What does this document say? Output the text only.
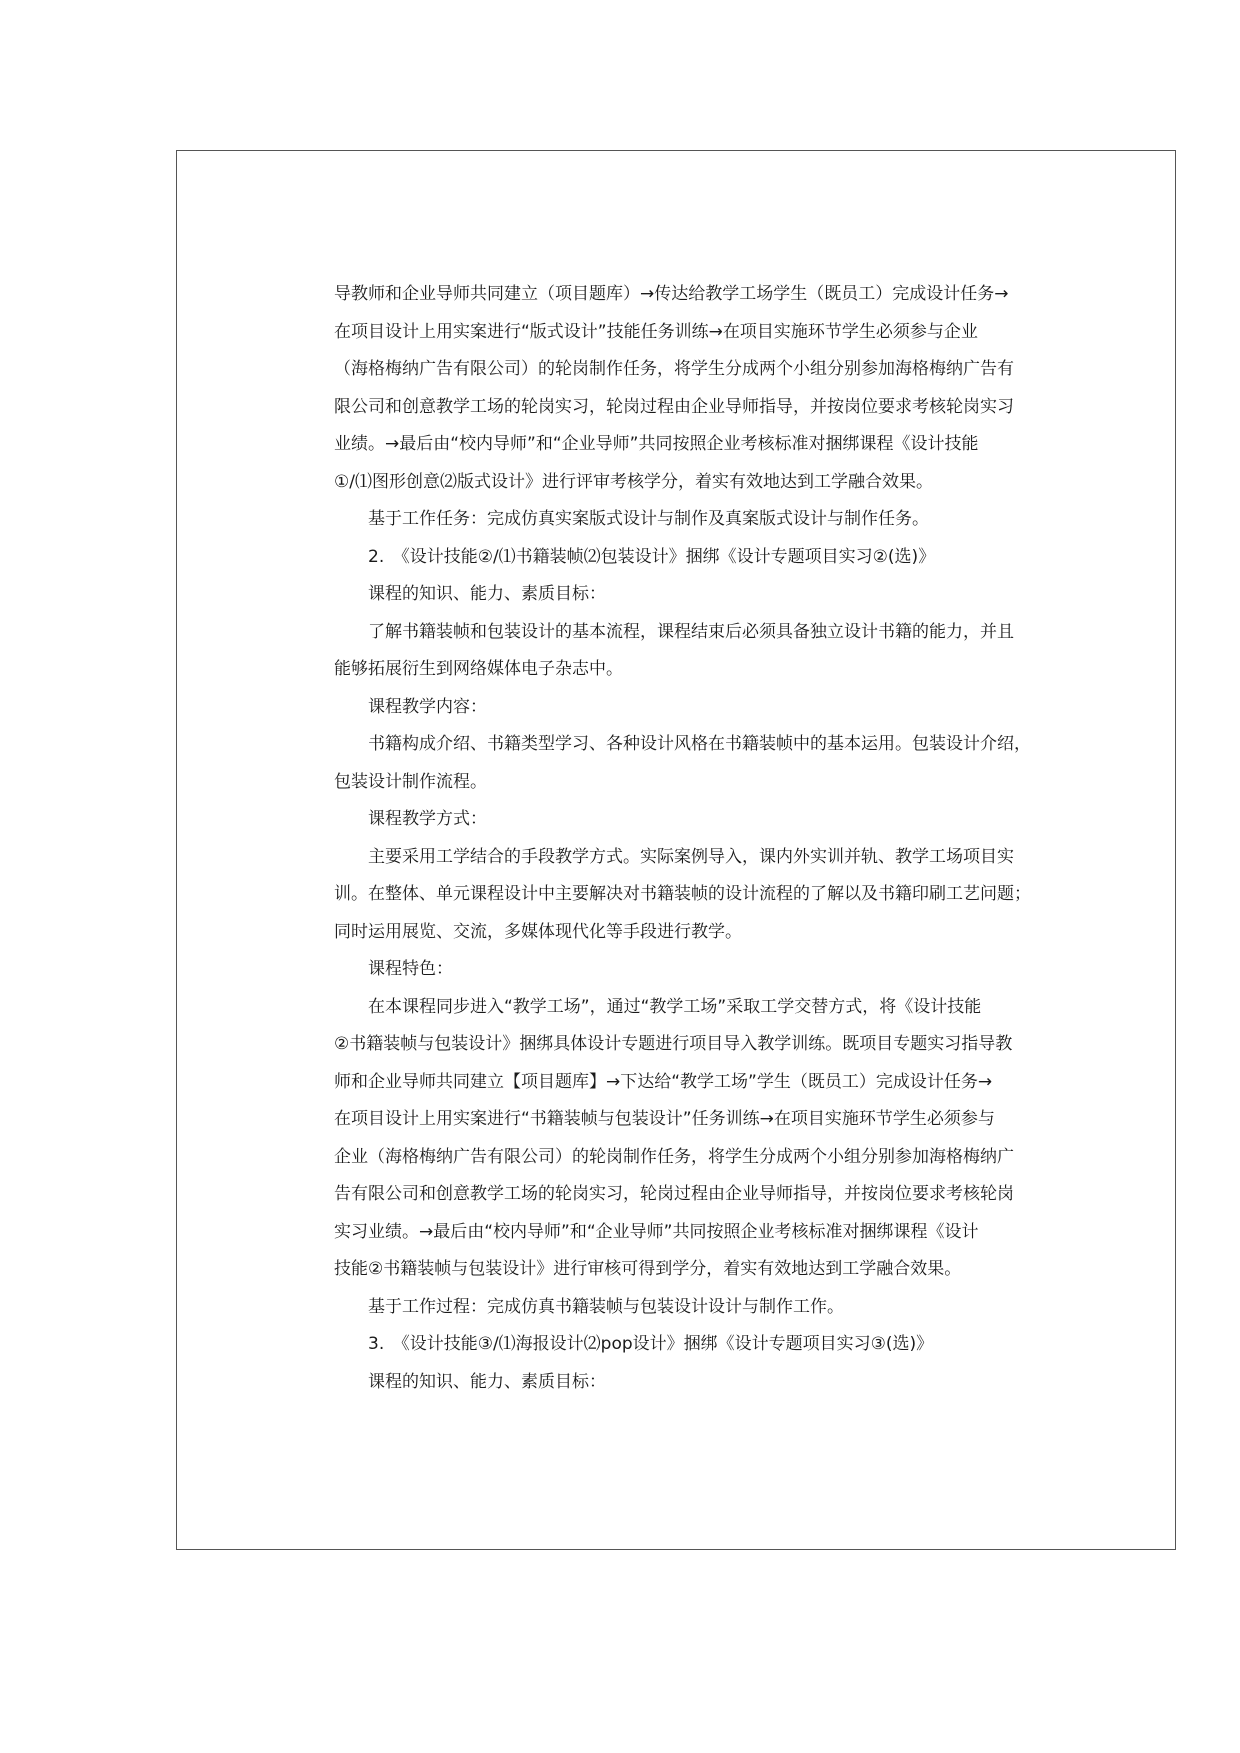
导教师和企业导师共同建立（项目题库）→传达给教学工场学生（既员工）完成设计任务→
在项目设计上用实案进行“版式设计”技能任务训练→在项目实施环节学生必须参与企业
（海格梅纳广告有限公司）的轮岗制作任务，将学生分成两个小组分别参加海格梅纳广告有
限公司和创意教学工场的轮岗实习，轮岗过程由企业导师指导，并按岗位要求考核轮岗实习
业绩。→最后由“校内导师”和“企业导师”共同按照企业考核标准对捆绑课程《设计技能
①/⑴图形创意⑵版式设计》进行评审考核学分，着实有效地达到工学融合效果。
基于工作任务：完成仿真实案版式设计与制作及真案版式设计与制作任务。
2.　《设计技能②/⑴书籍装帧⑵包装设计》捆绑《设计专题项目实习②(选)》
课程的知识、能力、素质目标：
了解书籍装帧和包装设计的基本流程，课程结束后必须具备独立设计书籍的能力，并且
能够拓展衍生到网络媒体电子杂志中。
课程教学内容：
书籍构成介绍、书籍类型学习、各种设计风格在书籍装帧中的基本运用。包装设计介绍，
包装设计制作流程。
课程教学方式：
主要采用工学结合的手段教学方式。实际案例导入，课内外实训并轨、教学工场项目实
训。在整体、单元课程设计中主要解决对书籍装帧的设计流程的了解以及书籍印刷工艺问题；
同时运用展览、交流，多媒体现代化等手段进行教学。
课程特色：
在本课程同步进入“教学工场”，通过“教学工场”采取工学交替方式，将《设计技能
②书籍装帧与包装设计》捆绑具体设计专题进行项目导入教学训练。既项目专题实习指导教
师和企业导师共同建立【项目题库】→下达给“教学工场”学生（既员工）完成设计任务→
在项目设计上用实案进行“书籍装帧与包装设计”任务训练→在项目实施环节学生必须参与
企业（海格梅纳广告有限公司）的轮岗制作任务，将学生分成两个小组分别参加海格梅纳广
告有限公司和创意教学工场的轮岗实习，轮岗过程由企业导师指导，并按岗位要求考核轮岗
实习业绩。→最后由“校内导师”和“企业导师”共同按照企业考核标准对捆绑课程《设计
技能②书籍装帧与包装设计》进行审核可得到学分，着实有效地达到工学融合效果。
基于工作过程：完成仿真书籍装帧与包装设计设计与制作工作。
3.　《设计技能③/⑴海报设计⑵pop设计》捆绑《设计专题项目实习③(选)》
课程的知识、能力、素质目标：
